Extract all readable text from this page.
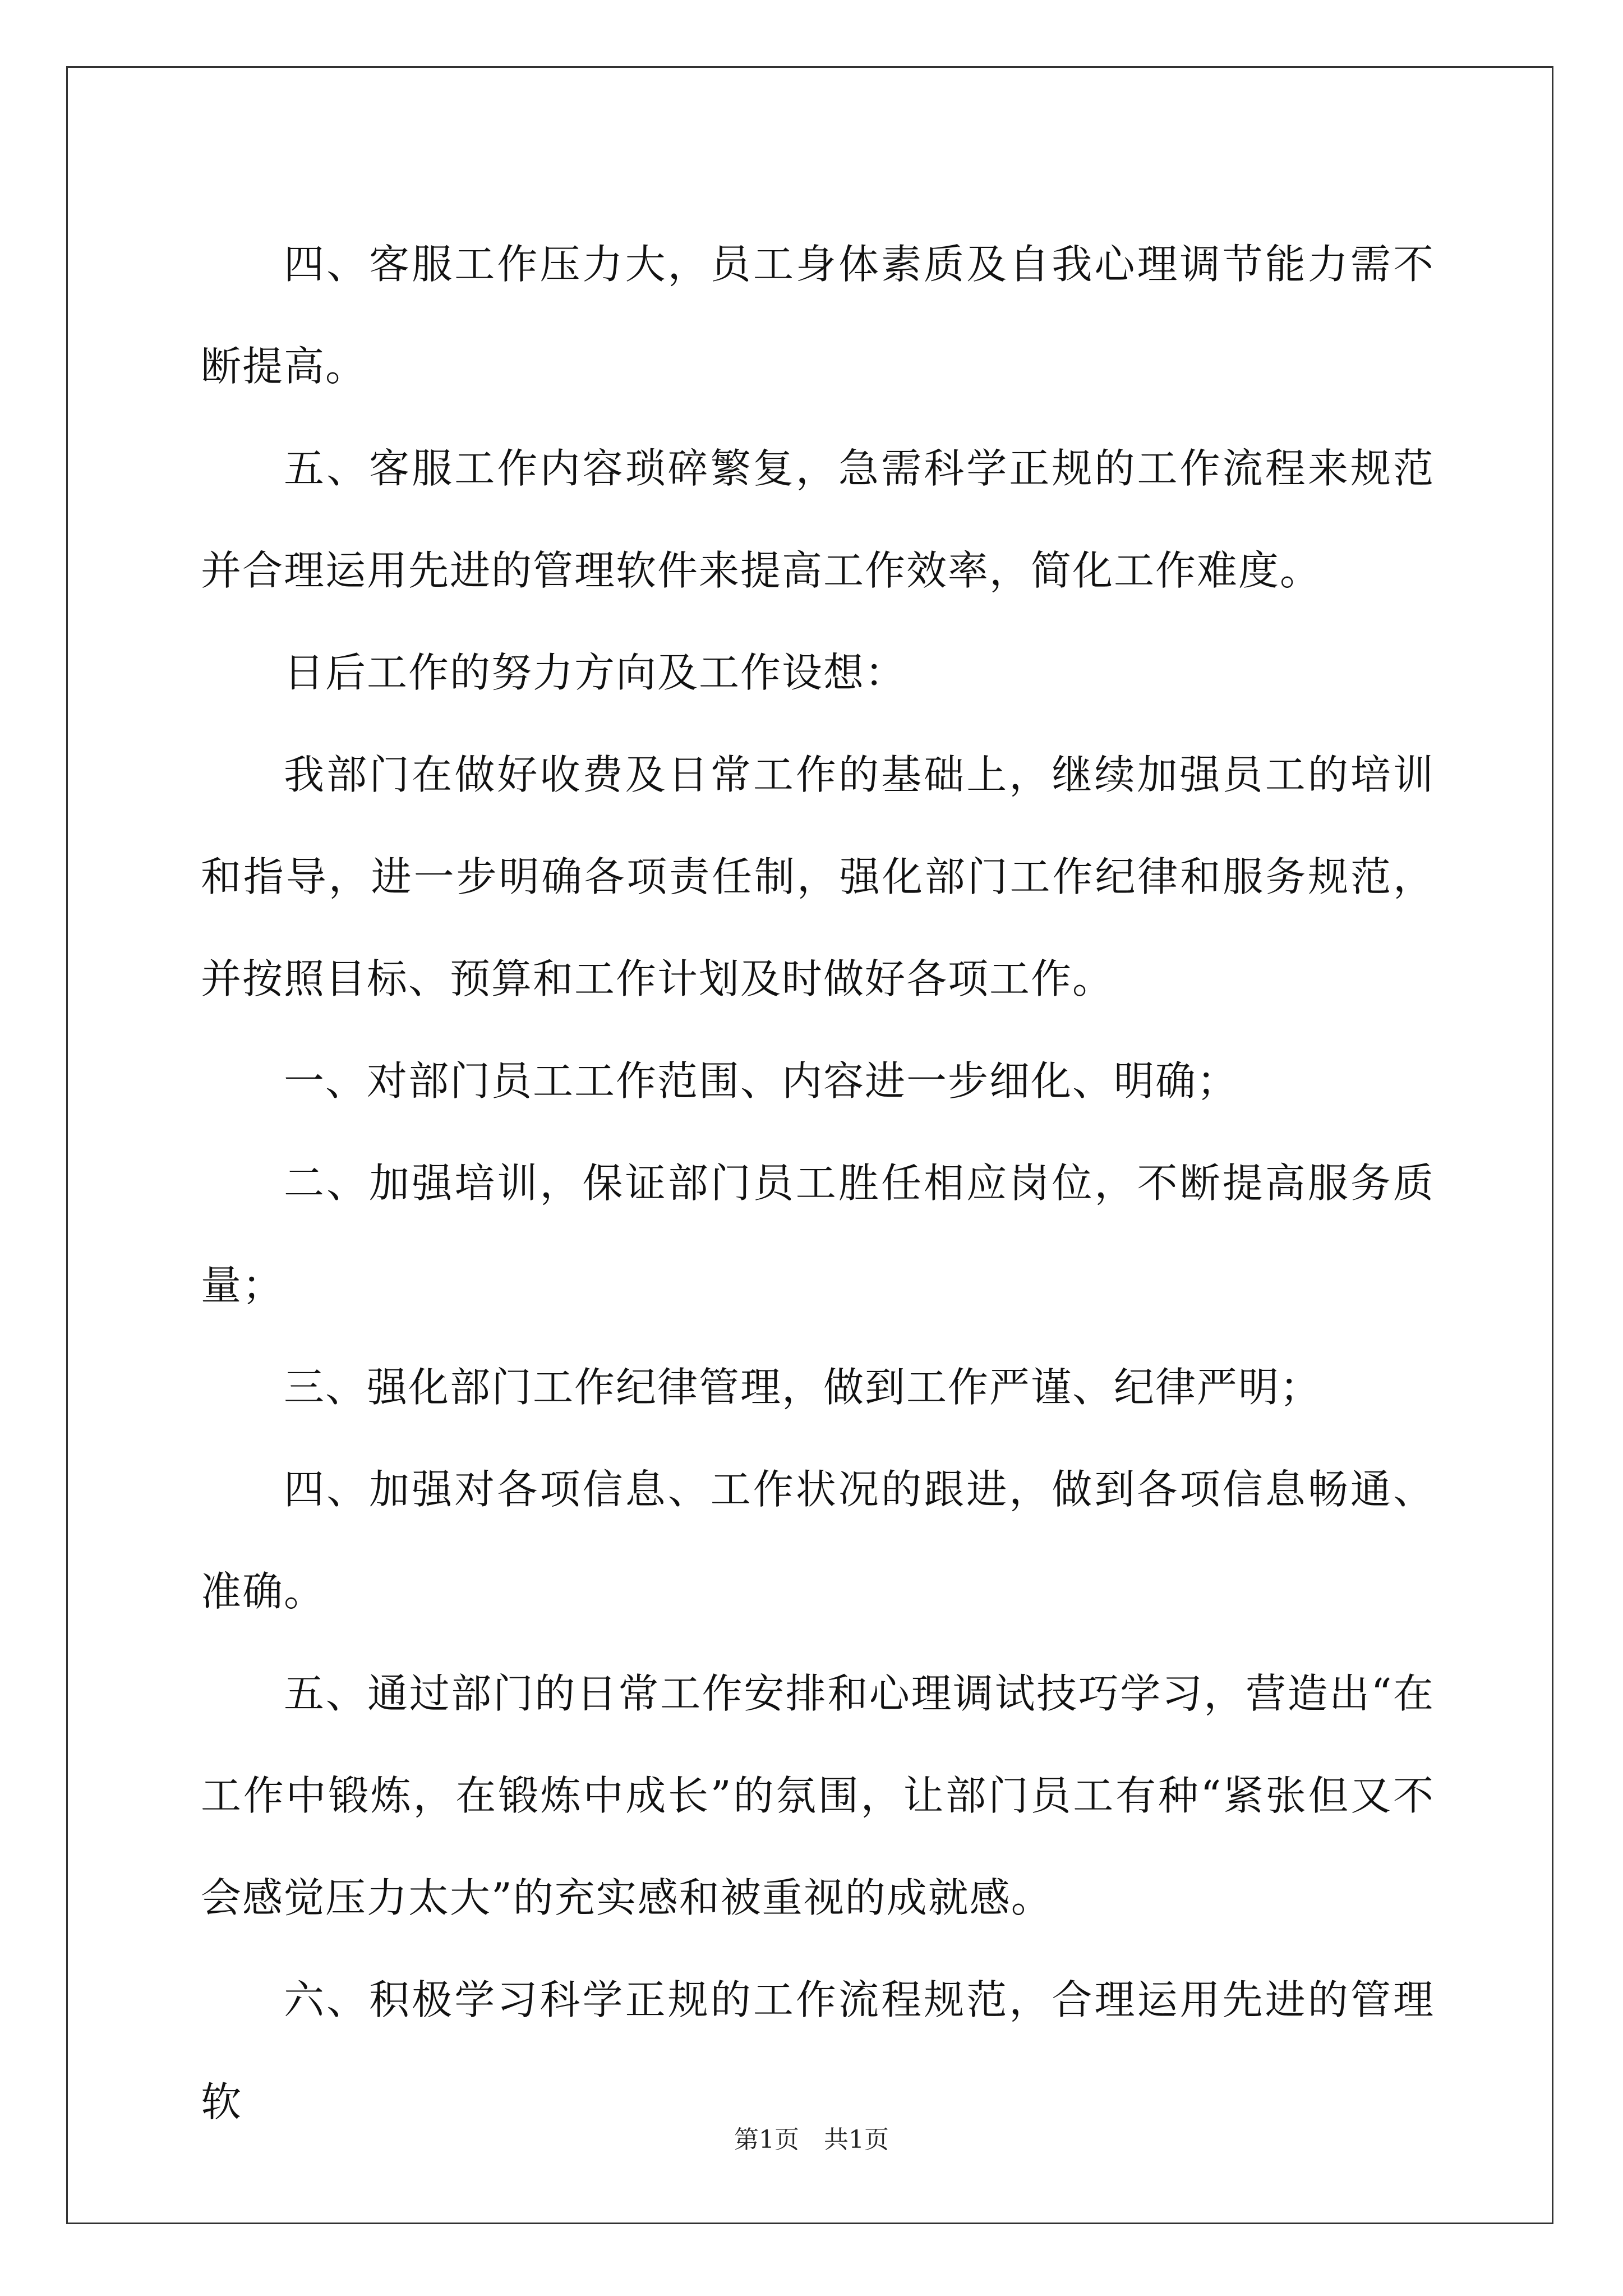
四、客服工作压力大，员工身体素质及自我心理调节能力需不断提高。

五、客服工作内容琐碎繁复，急需科学正规的工作流程来规范并合理运用先进的管理软件来提高工作效率，简化工作难度。

日后工作的努力方向及工作设想：

我部门在做好收费及日常工作的基础上，继续加强员工的培训和指导，进一步明确各项责任制，强化部门工作纪律和服务规范，并按照目标、预算和工作计划及时做好各项工作。

一、对部门员工工作范围、内容进一步细化、明确；

二、加强培训，保证部门员工胜任相应岗位，不断提高服务质量；

三、强化部门工作纪律管理，做到工作严谨、纪律严明；

四、加强对各项信息、工作状况的跟进，做到各项信息畅通、准确。

五、通过部门的日常工作安排和心理调试技巧学习，营造出“在工作中锻炼，在锻炼中成长”的氛围，让部门员工有种“紧张但又不会感觉压力太大”的充实感和被重视的成就感。

六、积极学习科学正规的工作流程规范，合理运用先进的管理软

第1页　共1页
